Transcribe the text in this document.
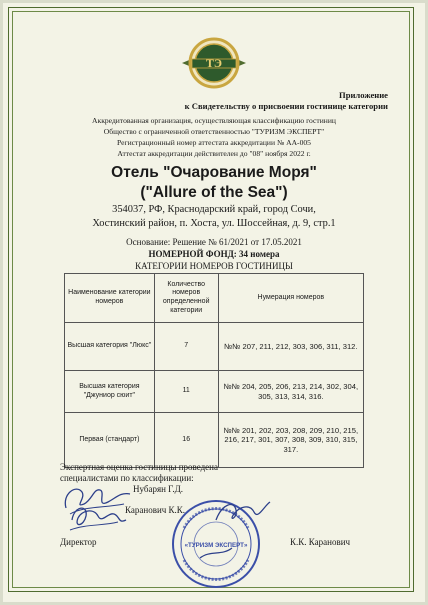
ТЭ
Приложение
к Свидетельству о присвоении гостинице категории
Аккредитованная организация, осуществляющая классификацию гостиниц
Общество с ограниченной ответственностью "ТУРИЗМ ЭКСПЕРТ"
Регистрационный номер аттестата аккредитации № АА-005
Аттестат аккредитации действителен до "08" ноября 2022 г.
Отель "Очарование Моря"
("Allure of the Sea")
354037, РФ, Краснодарский край, город Сочи,
Хостинский район, п. Хоста, ул. Шоссейная, д. 9, стр.1
Основание: Решение № 61/2021 от 17.05.2021
НОМЕРНОЙ ФОНД: 34 номера
КАТЕГОРИИ НОМЕРОВ ГОСТИНИЦЫ
Наименование категории номеров	Количество номеров определенной категории	Нумерация номеров
Высшая категория "Люкс"	7	№№ 207, 211, 212, 303, 306, 311, 312.
Высшая категория "Джуниор сюит"	11	№№ 204, 205, 206, 213, 214, 302, 304, 305, 313, 314, 316.
Первая (стандарт)	16	№№ 201, 202, 203, 208, 209, 210, 215, 216, 217, 301, 307, 308, 309, 310, 315, 317.
Экспертная оценка гостиницы проведена
специалистами по классификации:
Нубарян Г.Д.
Каранович К.К.
«ТУРИЗМ ЭКСПЕРТ»
Директор	К.К. Каранович
